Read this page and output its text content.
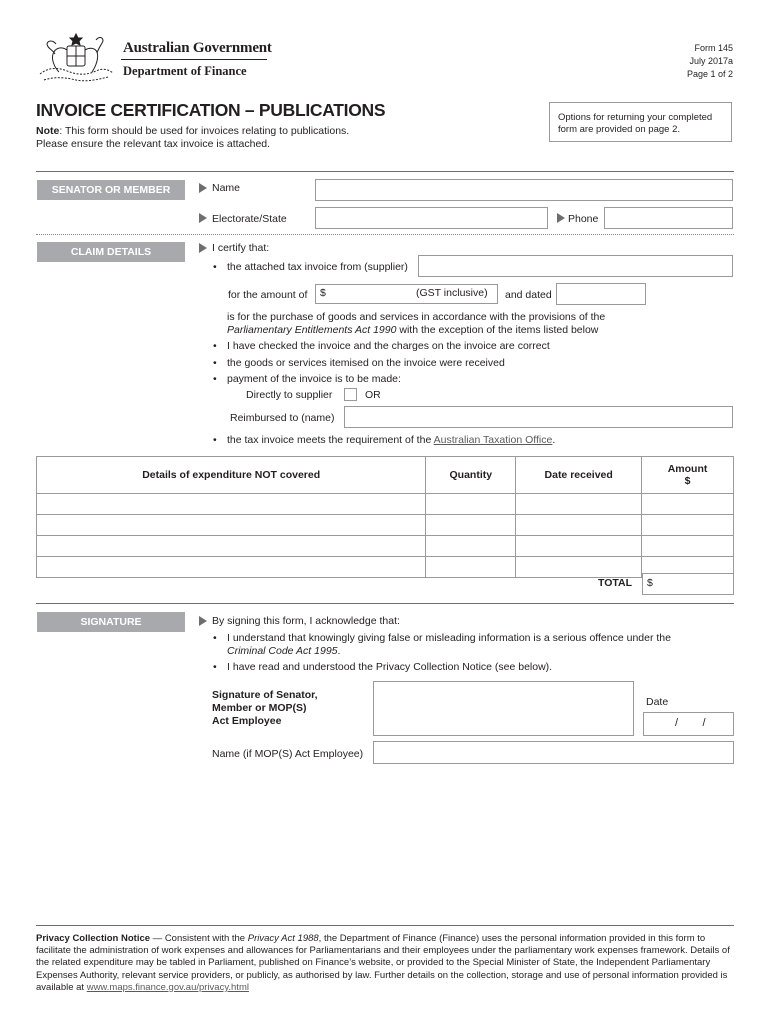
Australian Government
Department of Finance
Form 145
July 2017a
Page 1 of 2
INVOICE CERTIFICATION – PUBLICATIONS
Note: This form should be used for invoices relating to publications.
Please ensure the relevant tax invoice is attached.
Options for returning your completed
form are provided on page 2.
SENATOR OR MEMBER	Name
Electorate/State	Phone
CLAIM DETAILS	I certify that:
• the attached tax invoice from (supplier)
for the amount of $	(GST inclusive) and dated
is for the purchase of goods and services in accordance with the provisions of the
Parliamentary Entitlements Act 1990 with the exception of the items listed below
• I have checked the invoice and the charges on the invoice are correct
• the goods or services itemised on the invoice were received
• payment of the invoice is to be made:
Directly to supplier	OR
Reimbursed to (name)
• the tax invoice meets the requirement of the Australian Taxation Office.
Details of expenditure NOT covered	Quantity	Date received	Amount
$

TOTAL $
SIGNATURE	By signing this form, I acknowledge that:
• I understand that knowingly giving false or misleading information is a serious offence under the
Criminal Code Act 1995.
• I have read and understood the Privacy Collection Notice (see below).
Signature of Senator,
Member or MOP(S)
Act Employee
Date
/        /
Name (if MOP(S) Act Employee)
Privacy Collection Notice — Consistent with the Privacy Act 1988, the Department of Finance (Finance) uses the personal information provided in this form to facilitate the administration of work expenses and allowances for Parliamentarians and their employees under the parliamentary work expenses framework. Details of the related expenditure may be tabled in Parliament, published on Finance’s website, or provided to the Special Minister of State, the Independent Parliamentary Expenses Authority, relevant service providers, or publicly, as authorised by law. Further details on the collection, storage and use of personal information provided is available at www.maps.finance.gov.au/privacy.html
